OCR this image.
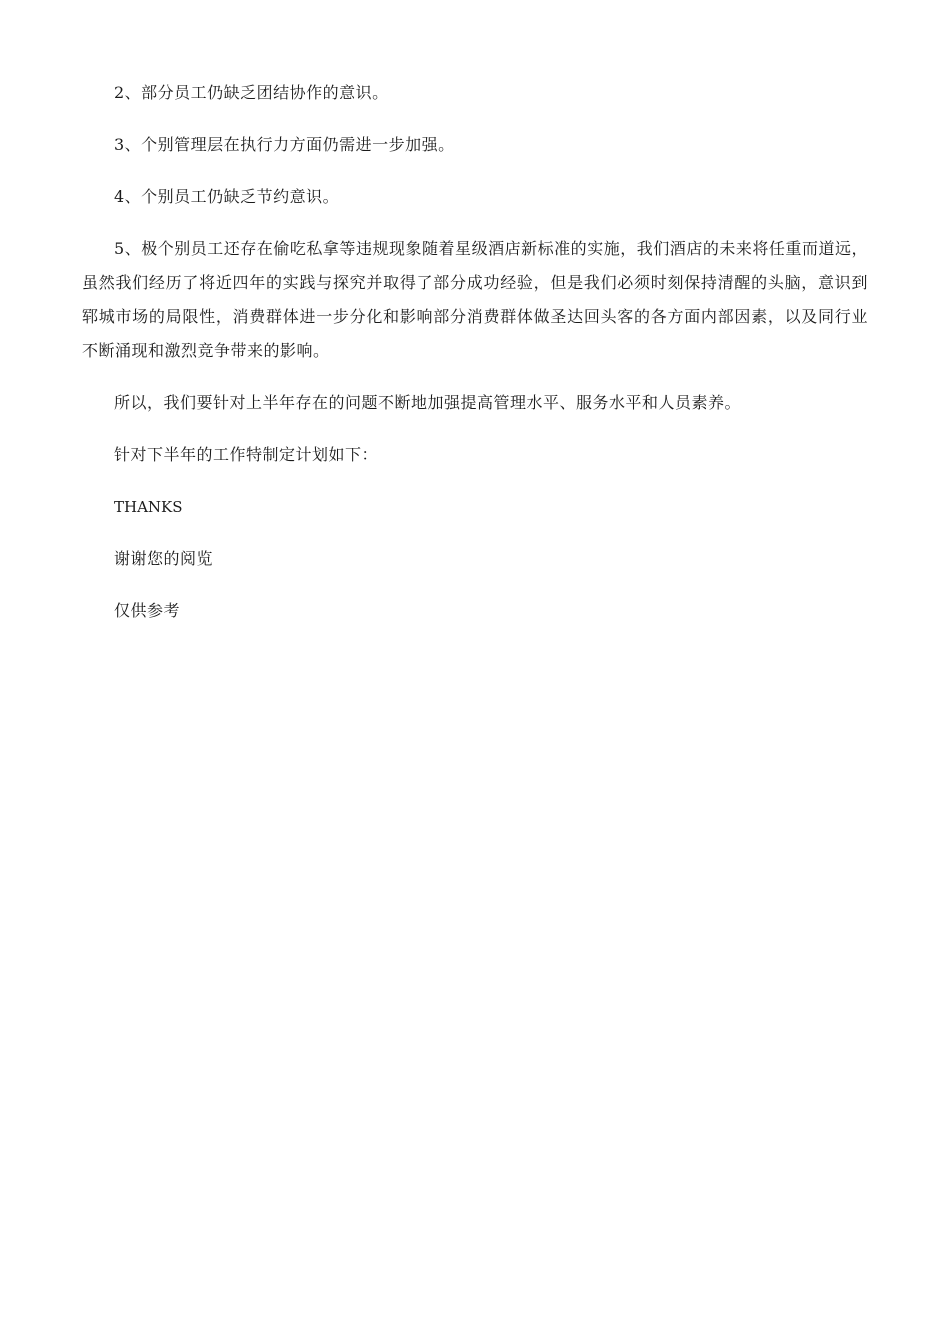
2、部分员工仍缺乏团结协作的意识。

3、个别管理层在执行力方面仍需进一步加强。

4、个别员工仍缺乏节约意识。

5、极个别员工还存在偷吃私拿等违规现象随着星级酒店新标准的实施，我们酒店的未来将任重而道远，虽然我们经历了将近四年的实践与探究并取得了部分成功经验，但是我们必须时刻保持清醒的头脑，意识到郓城市场的局限性，消费群体进一步分化和影响部分消费群体做圣达回头客的各方面内部因素，以及同行业不断涌现和激烈竞争带来的影响。

所以，我们要针对上半年存在的问题不断地加强提高管理水平、服务水平和人员素养。

针对下半年的工作特制定计划如下：

THANKS

谢谢您的阅览

仅供参考
